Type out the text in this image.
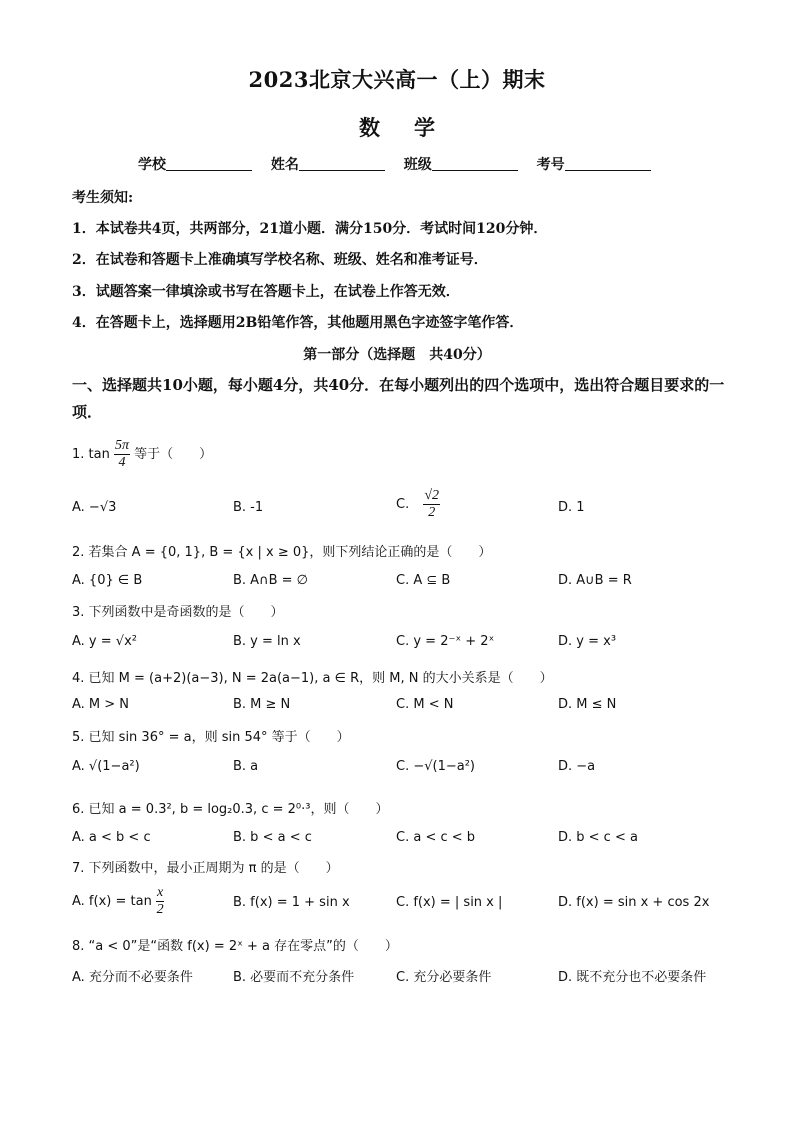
2023北京大兴高一（上）期末
数学
学校	姓名	班级	考号
考生须知:
1．本试卷共4页，共两部分，21道小题．满分150分．考试时间120分钟．
2．在试卷和答题卡上准确填写学校名称、班级、姓名和准考证号．
3．试题答案一律填涂或书写在答题卡上，在试卷上作答无效．
4．在答题卡上，选择题用2B铅笔作答，其他题用黑色字迹签字笔作答．
第一部分（选择题　共40分）
一、选择题共10小题，每小题4分，共40分．在每小题列出的四个选项中，选出符合题目要求的一项．
1. $\tan \frac{5\pi}{4}$ 等于（　　）
A. −√3	B. -1	C. $\frac{√2}{2}$	D. 1
2. 若集合 A = {0, 1}, B = {x | x ≥ 0}，则下列结论正确的是（　　）
A. {0} ∈ B	B. A∩B = ∅	C. A ⊆ B	D. A∪B = R
3. 下列函数中是奇函数的是（　　）
A. y = √x²	B. y = ln x	C. y = 2⁻ˣ + 2ˣ	D. y = x³
4. 已知 M = (a+2)(a−3), N = 2a(a−1), a ∈ R，则 M, N 的大小关系是（　　）
A. M > N	B. M ≥ N	C. M < N	D. M ≤ N
5. 已知 sin 36° = a，则 sin 54° 等于（　　）
A. √(1−a²)	B. a	C. −√(1−a²)	D. −a
6. 已知 a = 0.3², b = log₂0.3, c = 2⁰·³，则（　　）
A. a < b < c	B. b < a < c	C. a < c < b	D. b < c < a
7. 下列函数中，最小正周期为 π 的是（　　）
A. $f(x) = \tan \frac{x}{2}$	B. f(x) = 1 + sin x	C. f(x) = | sin x |	D. f(x) = sin x + cos 2x
8. “a < 0”是“函数 f(x) = 2ˣ + a 存在零点”的（　　）
A. 充分而不必要条件	B. 必要而不充分条件	C. 充分必要条件	D. 既不充分也不必要条件
